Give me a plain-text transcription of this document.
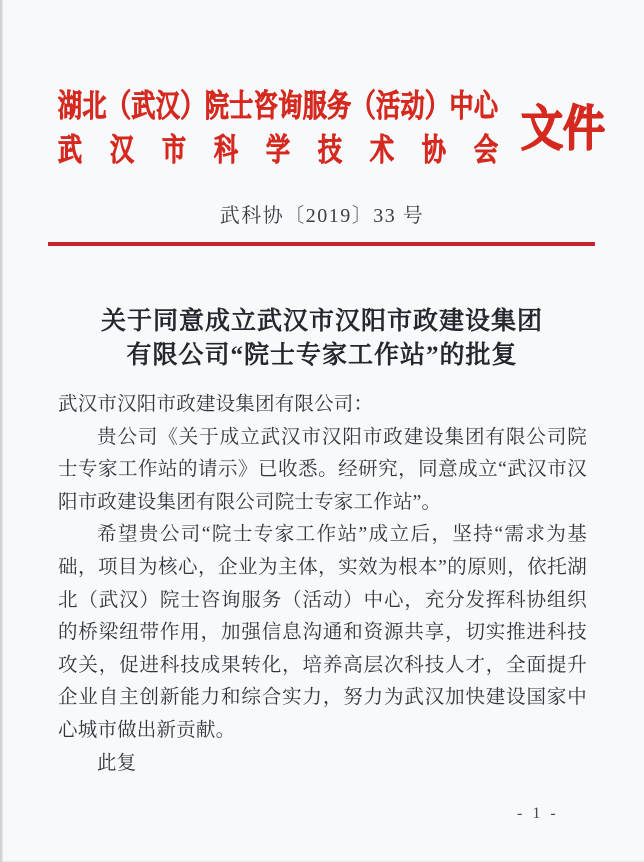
湖北（武汉）院士咨询服务（活动）中心
武汉市科学技术协会 文件
武科协〔2019〕33 号
关于同意成立武汉市汉阳市政建设集团
有限公司“院士专家工作站”的批复

武汉市汉阳市政建设集团有限公司：

贵公司《关于成立武汉市汉阳市政建设集团有限公司院士专家工作站的请示》已收悉。经研究，同意成立“武汉市汉阳市政建设集团有限公司院士专家工作站”。

希望贵公司“院士专家工作站”成立后，坚持“需求为基础，项目为核心，企业为主体，实效为根本”的原则，依托湖北（武汉）院士咨询服务（活动）中心，充分发挥科协组织的桥梁纽带作用，加强信息沟通和资源共享，切实推进科技攻关，促进科技成果转化，培养高层次科技人才，全面提升企业自主创新能力和综合实力，努力为武汉加快建设国家中心城市做出新贡献。

此复

- 1 -
